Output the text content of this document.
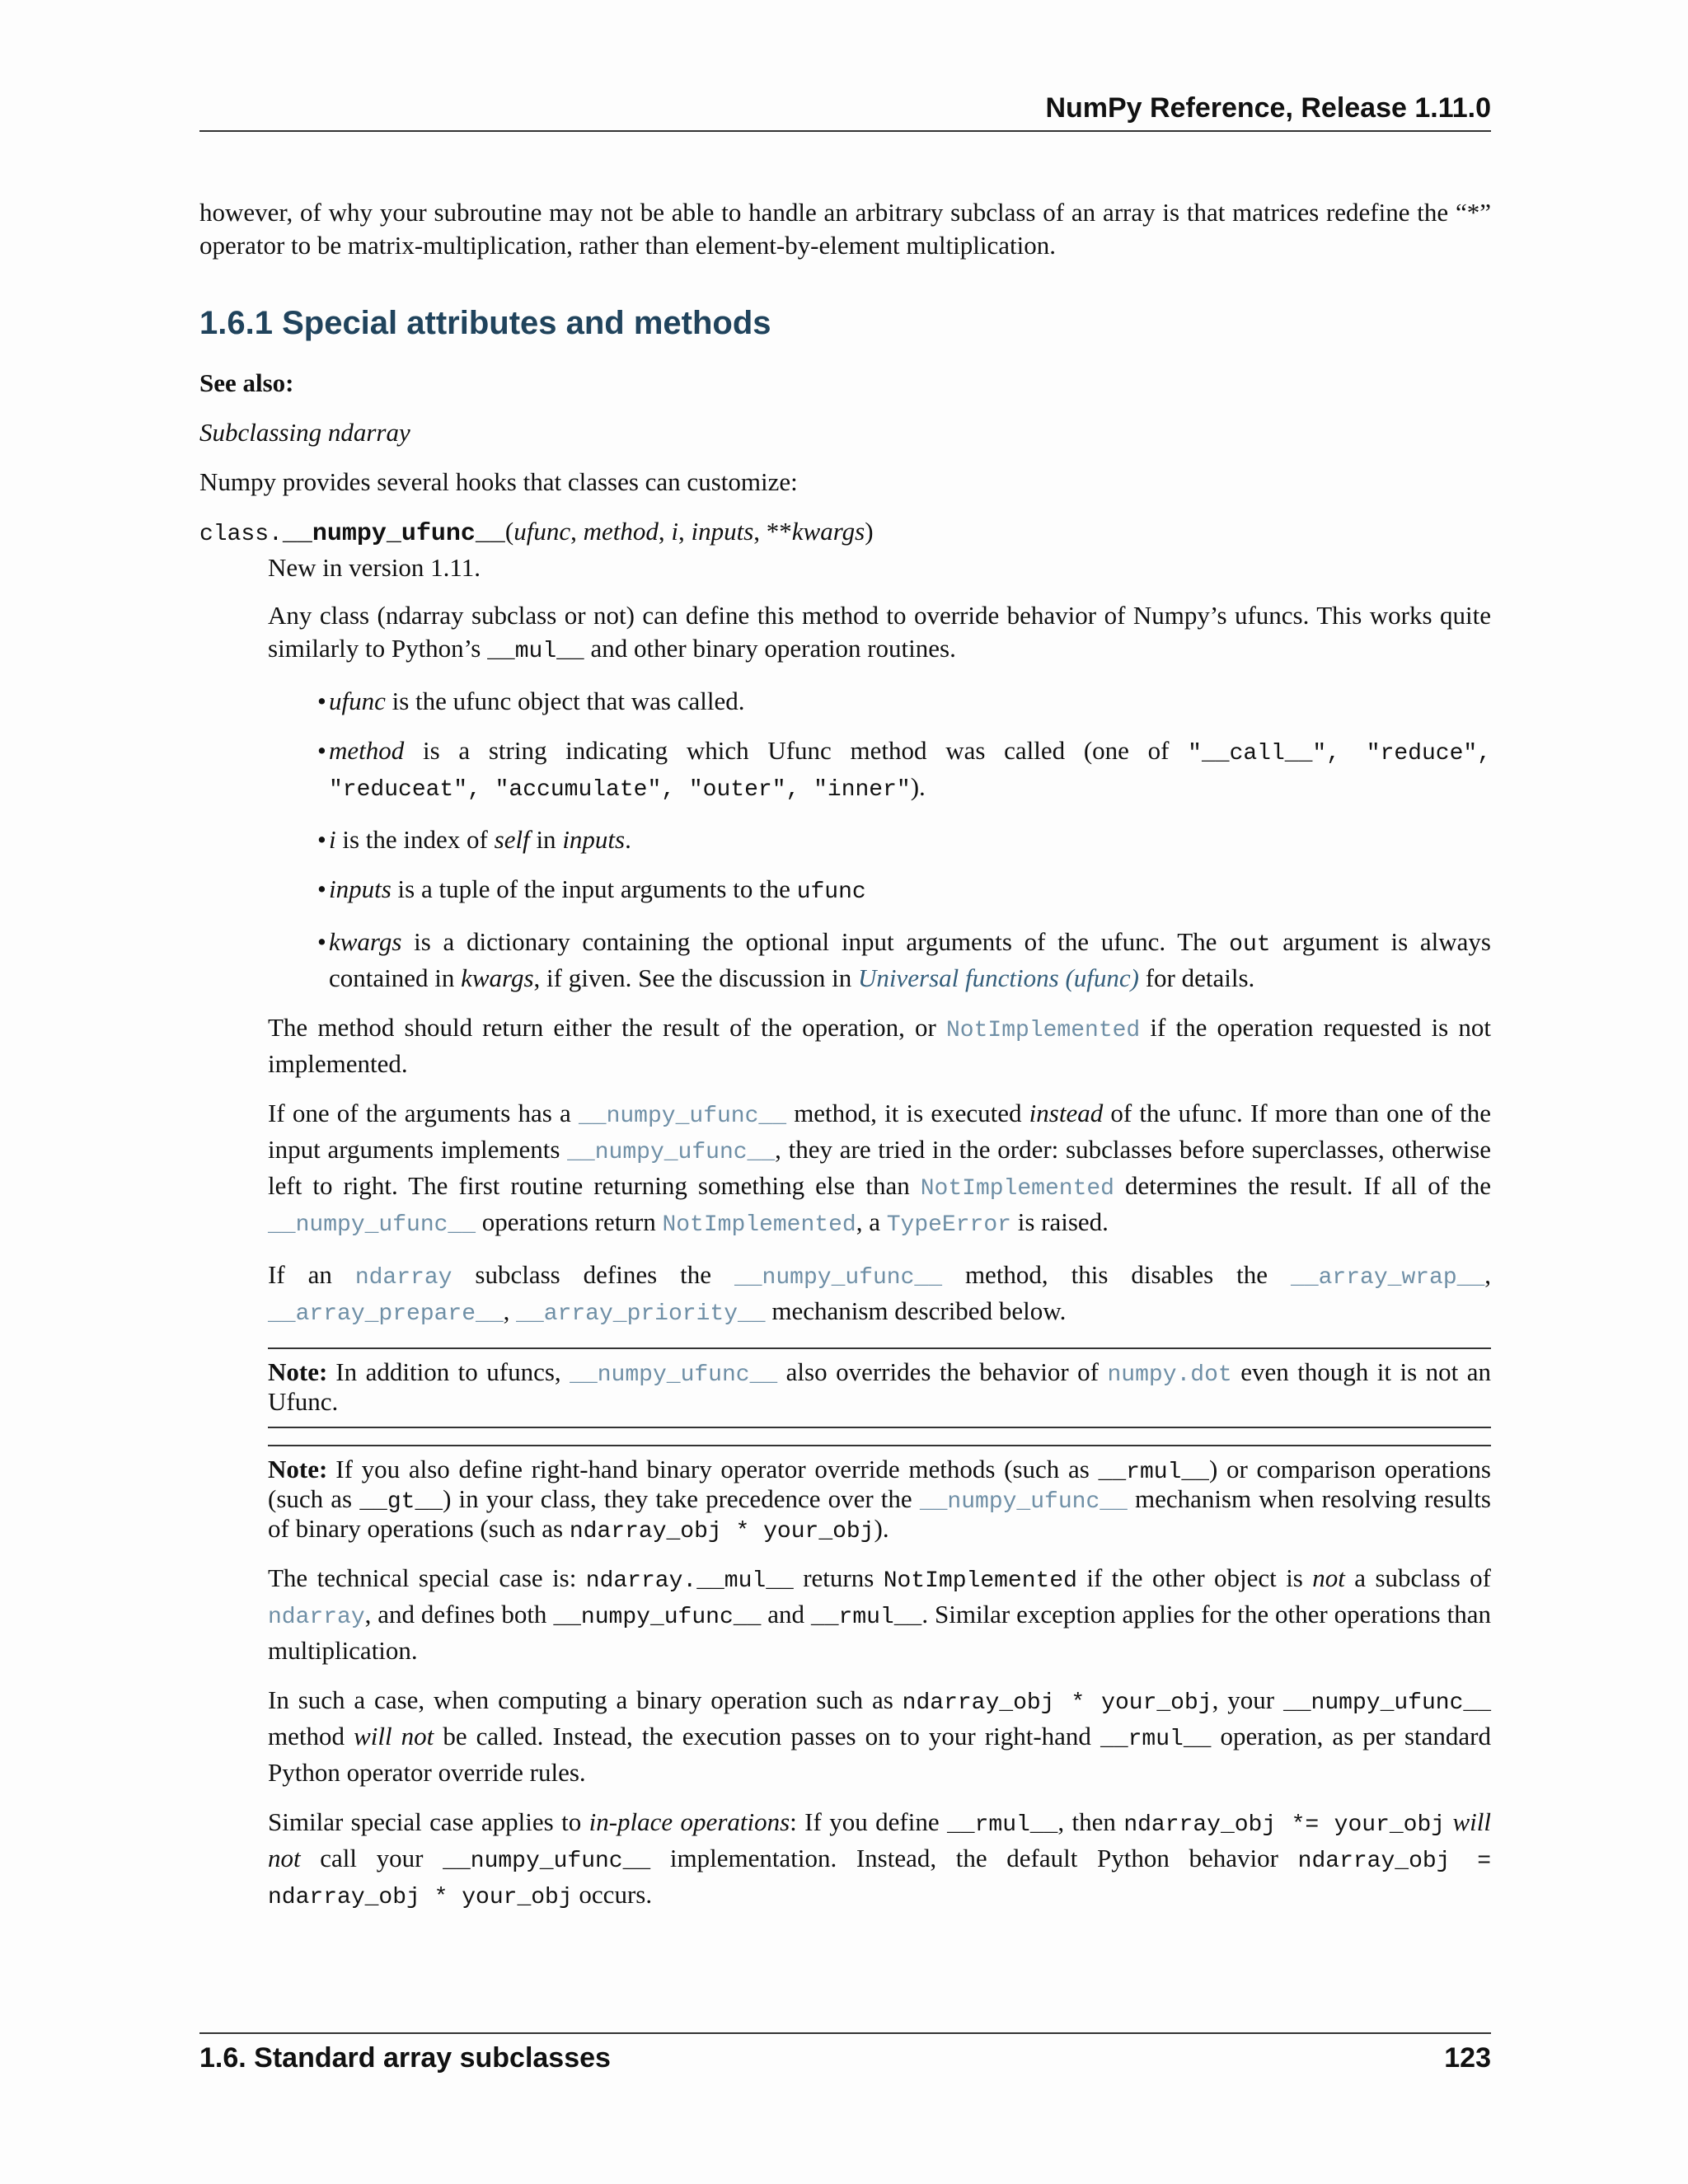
NumPy Reference, Release 1.11.0

however, of why your subroutine may not be able to handle an arbitrary subclass of an array is that matrices redefine the “*” operator to be matrix-multiplication, rather than element-by-element multiplication.

1.6.1 Special attributes and methods

See also:

Subclassing ndarray

Numpy provides several hooks that classes can customize:

class.__numpy_ufunc__(ufunc, method, i, inputs, **kwargs)

New in version 1.11.

Any class (ndarray subclass or not) can define this method to override behavior of Numpy’s ufuncs. This works quite similarly to Python’s __mul__ and other binary operation routines.

• ufunc is the ufunc object that was called.
• method is a string indicating which Ufunc method was called (one of "__call__", "reduce", "reduceat", "accumulate", "outer", "inner").
• i is the index of self in inputs.
• inputs is a tuple of the input arguments to the ufunc
• kwargs is a dictionary containing the optional input arguments of the ufunc. The out argument is always contained in kwargs, if given. See the discussion in Universal functions (ufunc) for details.

The method should return either the result of the operation, or NotImplemented if the operation requested is not implemented.

If one of the arguments has a __numpy_ufunc__ method, it is executed instead of the ufunc. If more than one of the input arguments implements __numpy_ufunc__, they are tried in the order: subclasses before superclasses, otherwise left to right. The first routine returning something else than NotImplemented determines the result. If all of the __numpy_ufunc__ operations return NotImplemented, a TypeError is raised.

If an ndarray subclass defines the __numpy_ufunc__ method, this disables the __array_wrap__, __array_prepare__, __array_priority__ mechanism described below.

Note: In addition to ufuncs, __numpy_ufunc__ also overrides the behavior of numpy.dot even though it is not an Ufunc.

Note: If you also define right-hand binary operator override methods (such as __rmul__) or comparison operations (such as __gt__) in your class, they take precedence over the __numpy_ufunc__ mechanism when resolving results of binary operations (such as ndarray_obj * your_obj).

The technical special case is: ndarray.__mul__ returns NotImplemented if the other object is not a subclass of ndarray, and defines both __numpy_ufunc__ and __rmul__. Similar exception applies for the other operations than multiplication.

In such a case, when computing a binary operation such as ndarray_obj * your_obj, your __numpy_ufunc__ method will not be called. Instead, the execution passes on to your right-hand __rmul__ operation, as per standard Python operator override rules.

Similar special case applies to in-place operations: If you define __rmul__, then ndarray_obj *= your_obj will not call your __numpy_ufunc__ implementation. Instead, the default Python behavior ndarray_obj = ndarray_obj * your_obj occurs.

1.6. Standard array subclasses	123
